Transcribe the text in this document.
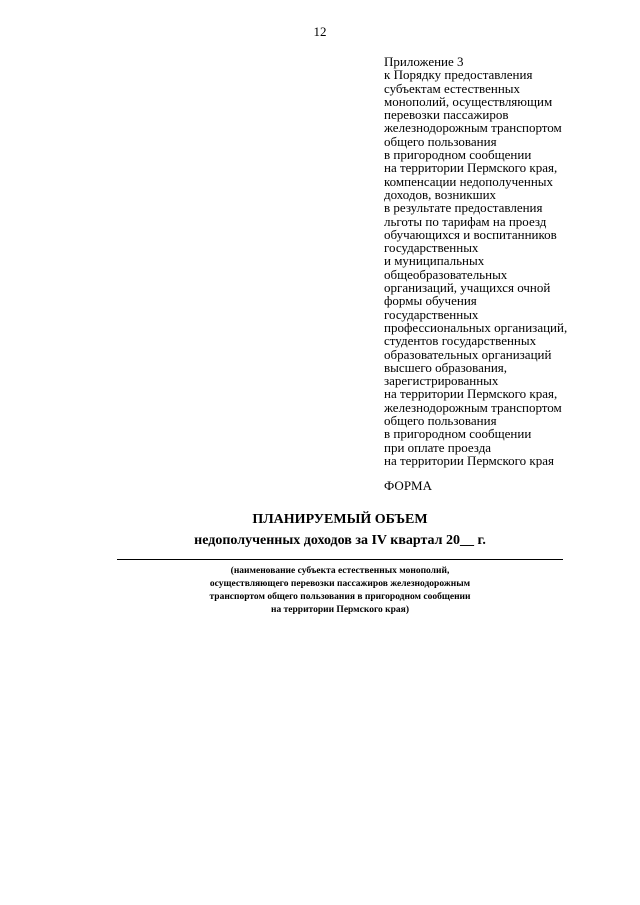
12
Приложение 3
к Порядку предоставления
субъектам естественных
монополий, осуществляющим
перевозки пассажиров
железнодорожным транспортом
общего пользования
в пригородном сообщении
на территории Пермского края,
компенсации недополученных
доходов, возникших
в результате предоставления
льготы по тарифам на проезд
обучающихся и воспитанников
государственных
и муниципальных
общеобразовательных
организаций, учащихся очной
формы обучения
государственных
профессиональных организаций,
студентов государственных
образовательных организаций
высшего образования,
зарегистрированных
на территории Пермского края,
железнодорожным транспортом
общего пользования
в пригородном сообщении
при оплате проезда
на территории Пермского края
ФОРМА
ПЛАНИРУЕМЫЙ ОБЪЕМ
недополученных доходов за IV квартал 20__ г.
(наименование субъекта естественных монополий,
осуществляющего перевозки пассажиров железнодорожным
транспортом общего пользования в пригородном сообщении
на территории Пермского края)
